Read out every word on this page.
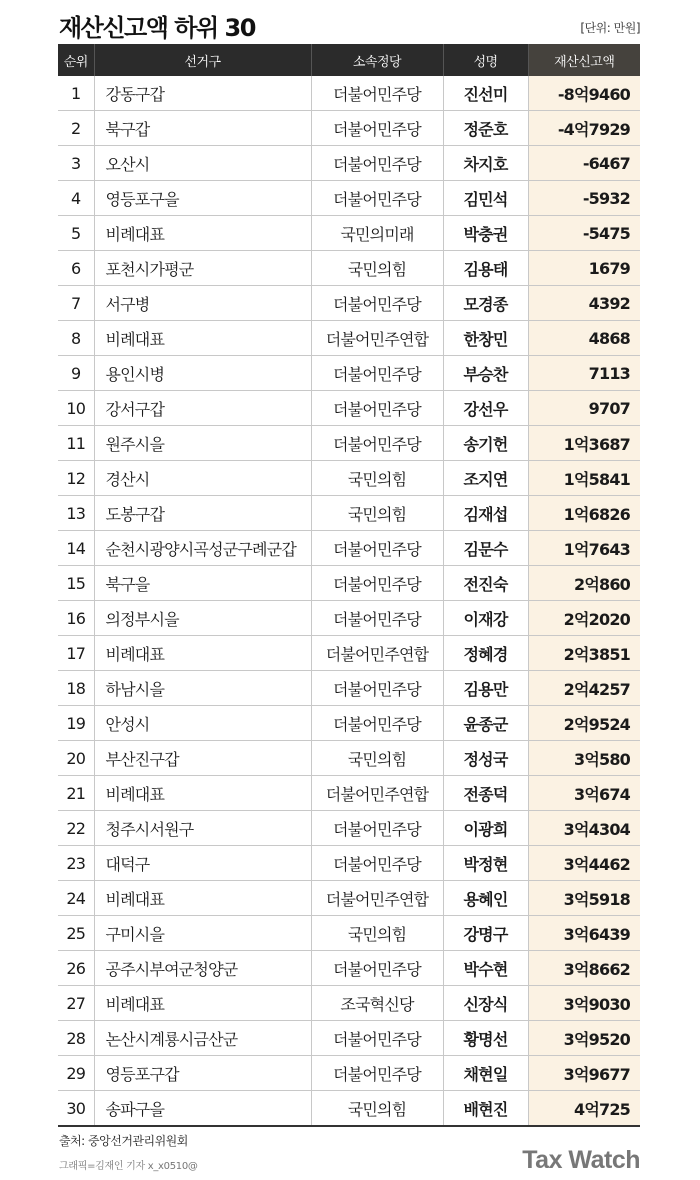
재산신고액 하위 30	[단위: 만원]
순위	선거구	소속정당	성명	재산신고액
1	강동구갑	더불어민주당	진선미	-8억9460
2	북구갑	더불어민주당	정준호	-4억7929
3	오산시	더불어민주당	차지호	-6467
4	영등포구을	더불어민주당	김민석	-5932
5	비례대표	국민의미래	박충권	-5475
6	포천시가평군	국민의힘	김용태	1679
7	서구병	더불어민주당	모경종	4392
8	비례대표	더불어민주연합	한창민	4868
9	용인시병	더불어민주당	부승찬	7113
10	강서구갑	더불어민주당	강선우	9707
11	원주시을	더불어민주당	송기헌	1억3687
12	경산시	국민의힘	조지연	1억5841
13	도봉구갑	국민의힘	김재섭	1억6826
14	순천시광양시곡성군구례군갑	더불어민주당	김문수	1억7643
15	북구을	더불어민주당	전진숙	2억860
16	의정부시을	더불어민주당	이재강	2억2020
17	비례대표	더불어민주연합	정혜경	2억3851
18	하남시을	더불어민주당	김용만	2억4257
19	안성시	더불어민주당	윤종군	2억9524
20	부산진구갑	국민의힘	정성국	3억580
21	비례대표	더불어민주연합	전종덕	3억674
22	청주시서원구	더불어민주당	이광희	3억4304
23	대덕구	더불어민주당	박정현	3억4462
24	비례대표	더불어민주연합	용혜인	3억5918
25	구미시을	국민의힘	강명구	3억6439
26	공주시부여군청양군	더불어민주당	박수현	3억8662
27	비례대표	조국혁신당	신장식	3억9030
28	논산시계룡시금산군	더불어민주당	황명선	3억9520
29	영등포구갑	더불어민주당	채현일	3억9677
30	송파구을	국민의힘	배현진	4억725
출처: 중앙선거관리위원회
그래픽=김재인 기자 x_x0510@	Tax Watch
